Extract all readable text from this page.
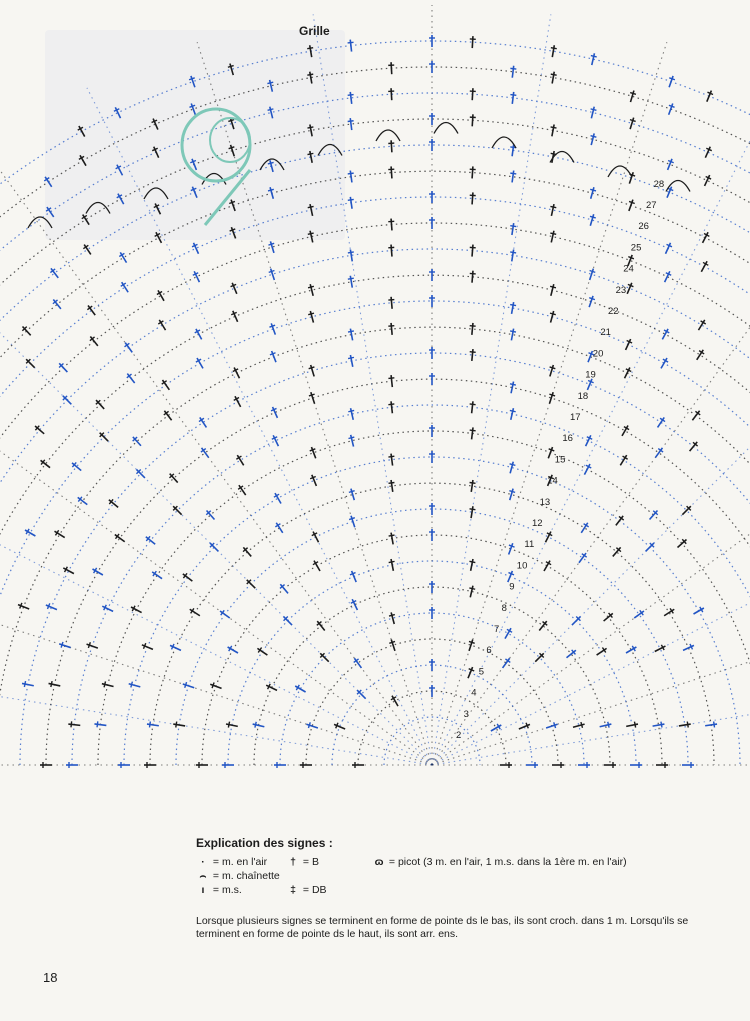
Grille
2
3
4
5
6
7
8
9
10
11
12
13
14
15
16
17
18
19
20
21
22
23
24
25
26
27
28
Explication des signes :
· = m. en l'air
⌢ = m. chaînette
ı = m.s.
† = B
‡ = DB
ɷ = picot (3 m. en l'air, 1 m.s. dans la 1ère m. en l'air)
Lorsque plusieurs signes se terminent en forme de pointe ds le bas, ils sont croch. dans 1 m. Lorsqu'ils se terminent en forme de pointe ds le haut, ils sont arr. ens.
18
